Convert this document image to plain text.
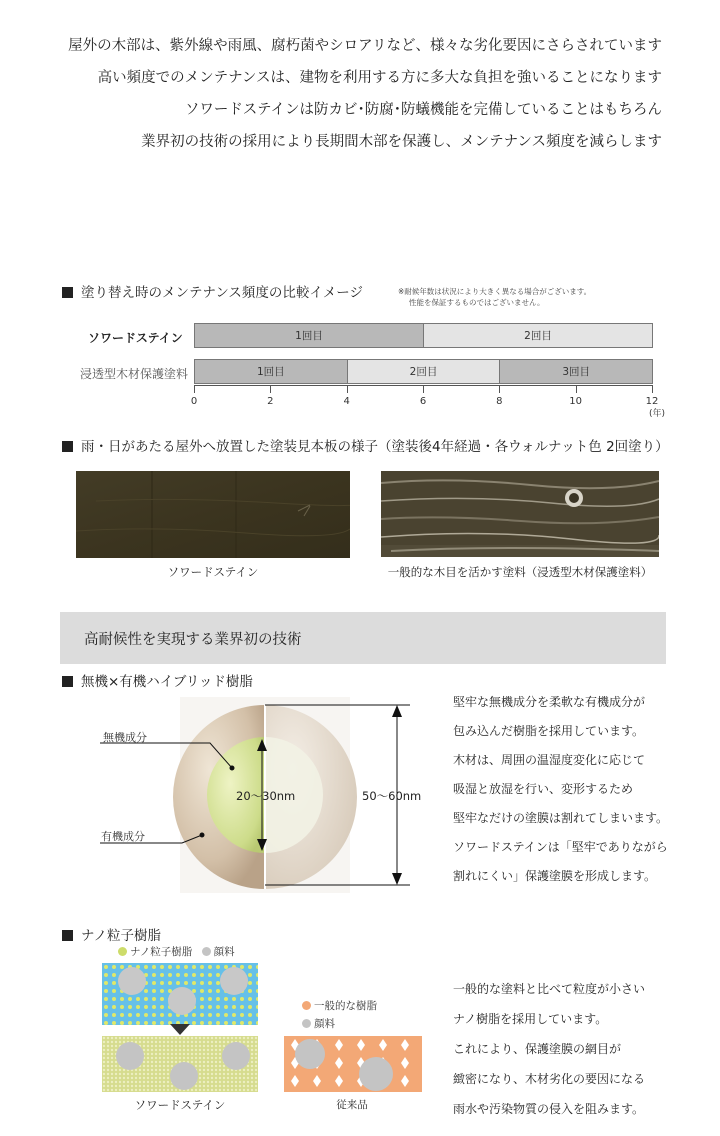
屋外の木部は、紫外線や雨風、腐朽菌やシロアリなど、様々な劣化要因にさらされています

高い頻度でのメンテナンスは、建物を利用する方に多大な負担を強いることになります

ソワードステインは防カビ･防腐･防蟻機能を完備していることはもちろん

業界初の技術の採用により長期間木部を保護し、メンテナンス頻度を減らします

塗り替え時のメンテナンス頻度の比較イメージ	※耐候年数は状況により大きく異なる場合がございます。
性能を保証するものではございません。
ソワードステイン
浸透型木材保護塗料
1回目	2回目
1回目	2回目	3回目
0	2	4	6	8	10	12
(年)
雨・日があたる屋外へ放置した塗装見本板の様子（塗装後4年経過・各ウォルナット色 2回塗り）
ソワードステイン	一般的な木目を活かす塗料（浸透型木材保護塗料）
高耐候性を実現する業界初の技術
無機×有機ハイブリッド樹脂
無機成分
有機成分
20～30nm	50～60nm

堅牢な無機成分を柔軟な有機成分が

包み込んだ樹脂を採用しています。

木材は、周囲の温湿度変化に応じて

吸湿と放湿を行い、変形するため

堅牢なだけの塗膜は割れてしまいます。

ソワードステインは「堅牢でありながら

割れにくい」保護塗膜を形成します。

ナノ粒子樹脂
ナノ粒子樹脂 顔料
ソワードステイン
一般的な樹脂
顔料
従来品

一般的な塗料と比べて粒度が小さい

ナノ樹脂を採用しています。

これにより、保護塗膜の網目が

緻密になり、木材劣化の要因になる

雨水や汚染物質の侵入を阻みます。
